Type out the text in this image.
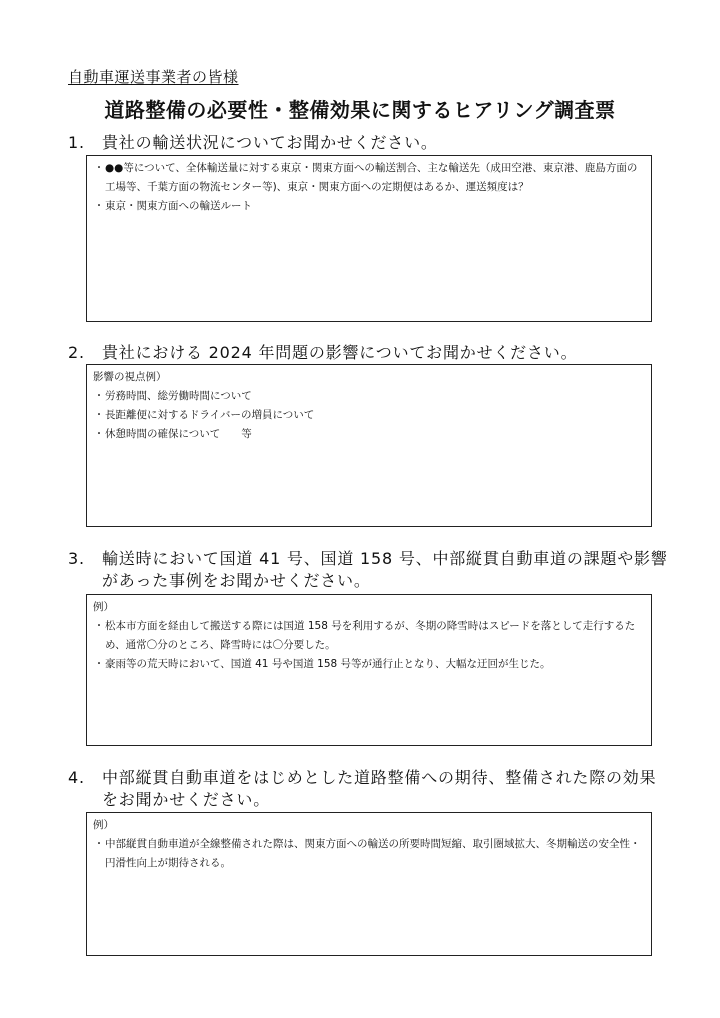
自動車運送事業者の皆様
道路整備の必要性・整備効果に関するヒアリング調査票
1.	貴社の輸送状況についてお聞かせください。
・ ●●等について、全体輸送量に対する東京・関東方面への輸送割合、主な輸送先（成田空港、東京港、鹿島方面の工場等、千葉方面の物流センター等)、東京・関東方面への定期便はあるか、運送頻度は？
・ 東京・関東方面への輸送ルート
2.	貴社における 2024 年問題の影響についてお聞かせください。
影響の視点例）
・ 労務時間、総労働時間について
・ 長距離便に対するドライバーの増員について
・ 休憩時間の確保について　　等
3.	輸送時において国道 41 号、国道 158 号、中部縦貫自動車道の課題や影響
があった事例をお聞かせください。
例）
・ 松本市方面を経由して搬送する際には国道 158 号を利用するが、冬期の降雪時はスピードを落として走行するため、通常〇分のところ、降雪時には〇分要した。
・ 豪雨等の荒天時において、国道 41 号や国道 158 号等が通行止となり、大幅な迂回が生じた。
4.	中部縦貫自動車道をはじめとした道路整備への期待、整備された際の効果
をお聞かせください。
例）
・ 中部縦貫自動車道が全線整備された際は、関東方面への輸送の所要時間短縮、取引圏域拡大、冬期輸送の安全性・円滑性向上が期待される。
